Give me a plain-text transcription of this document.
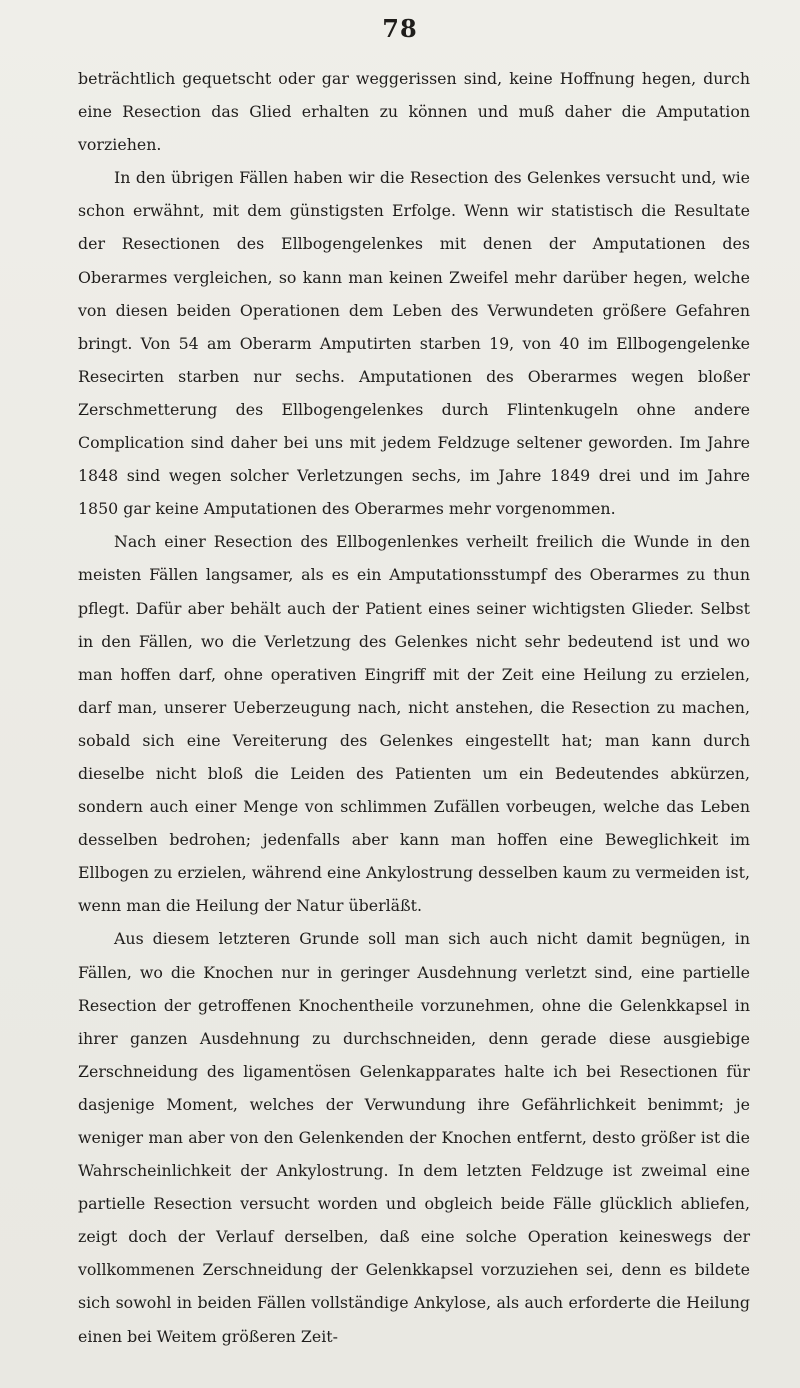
78

beträchtlich gequetscht oder gar weggerissen sind, keine Hoffnung hegen, durch eine Resection das Glied erhalten zu können und muß daher die Amputation vorziehen.

In den übrigen Fällen haben wir die Resection des Gelenkes versucht und, wie schon erwähnt, mit dem günstigsten Erfolge. Wenn wir statistisch die Resultate der Resectionen des Ellbogengelenkes mit denen der Amputationen des Oberarmes vergleichen, so kann man keinen Zweifel mehr darüber hegen, welche von diesen beiden Operationen dem Leben des Verwundeten größere Gefahren bringt. Von 54 am Oberarm Amputirten starben 19, von 40 im Ellbogengelenke Resecirten starben nur sechs. Amputationen des Oberarmes wegen bloßer Zerschmetterung des Ellbogengelenkes durch Flintenkugeln ohne andere Complication sind daher bei uns mit jedem Feldzuge seltener geworden. Im Jahre 1848 sind wegen solcher Verletzungen sechs, im Jahre 1849 drei und im Jahre 1850 gar keine Amputationen des Oberarmes mehr vorgenommen.

Nach einer Resection des Ellbogenlenkes verheilt freilich die Wunde in den meisten Fällen langsamer, als es ein Amputationsstumpf des Oberarmes zu thun pflegt. Dafür aber behält auch der Patient eines seiner wichtigsten Glieder. Selbst in den Fällen, wo die Verletzung des Gelenkes nicht sehr bedeutend ist und wo man hoffen darf, ohne operativen Eingriff mit der Zeit eine Heilung zu erzielen, darf man, unserer Ueberzeugung nach, nicht anstehen, die Resection zu machen, sobald sich eine Vereiterung des Gelenkes eingestellt hat; man kann durch dieselbe nicht bloß die Leiden des Patienten um ein Bedeutendes abkürzen, sondern auch einer Menge von schlimmen Zufällen vorbeugen, welche das Leben desselben bedrohen; jedenfalls aber kann man hoffen eine Beweglichkeit im Ellbogen zu erzielen, während eine Ankylostrung desselben kaum zu vermeiden ist, wenn man die Heilung der Natur überläßt.

Aus diesem letzteren Grunde soll man sich auch nicht damit begnügen, in Fällen, wo die Knochen nur in geringer Ausdehnung verletzt sind, eine partielle Resection der getroffenen Knochentheile vorzunehmen, ohne die Gelenkkapsel in ihrer ganzen Ausdehnung zu durchschneiden, denn gerade diese ausgiebige Zerschneidung des ligamentösen Gelenkapparates halte ich bei Resectionen für dasjenige Moment, welches der Verwundung ihre Gefährlichkeit benimmt; je weniger man aber von den Gelenkenden der Knochen entfernt, desto größer ist die Wahrscheinlichkeit der Ankylostrung. In dem letzten Feldzuge ist zweimal eine partielle Resection versucht worden und obgleich beide Fälle glücklich abliefen, zeigt doch der Verlauf derselben, daß eine solche Operation keineswegs der vollkommenen Zerschneidung der Gelenkkapsel vorzuziehen sei, denn es bildete sich sowohl in beiden Fällen vollständige Ankylose, als auch erforderte die Heilung einen bei Weitem größeren Zeit-
